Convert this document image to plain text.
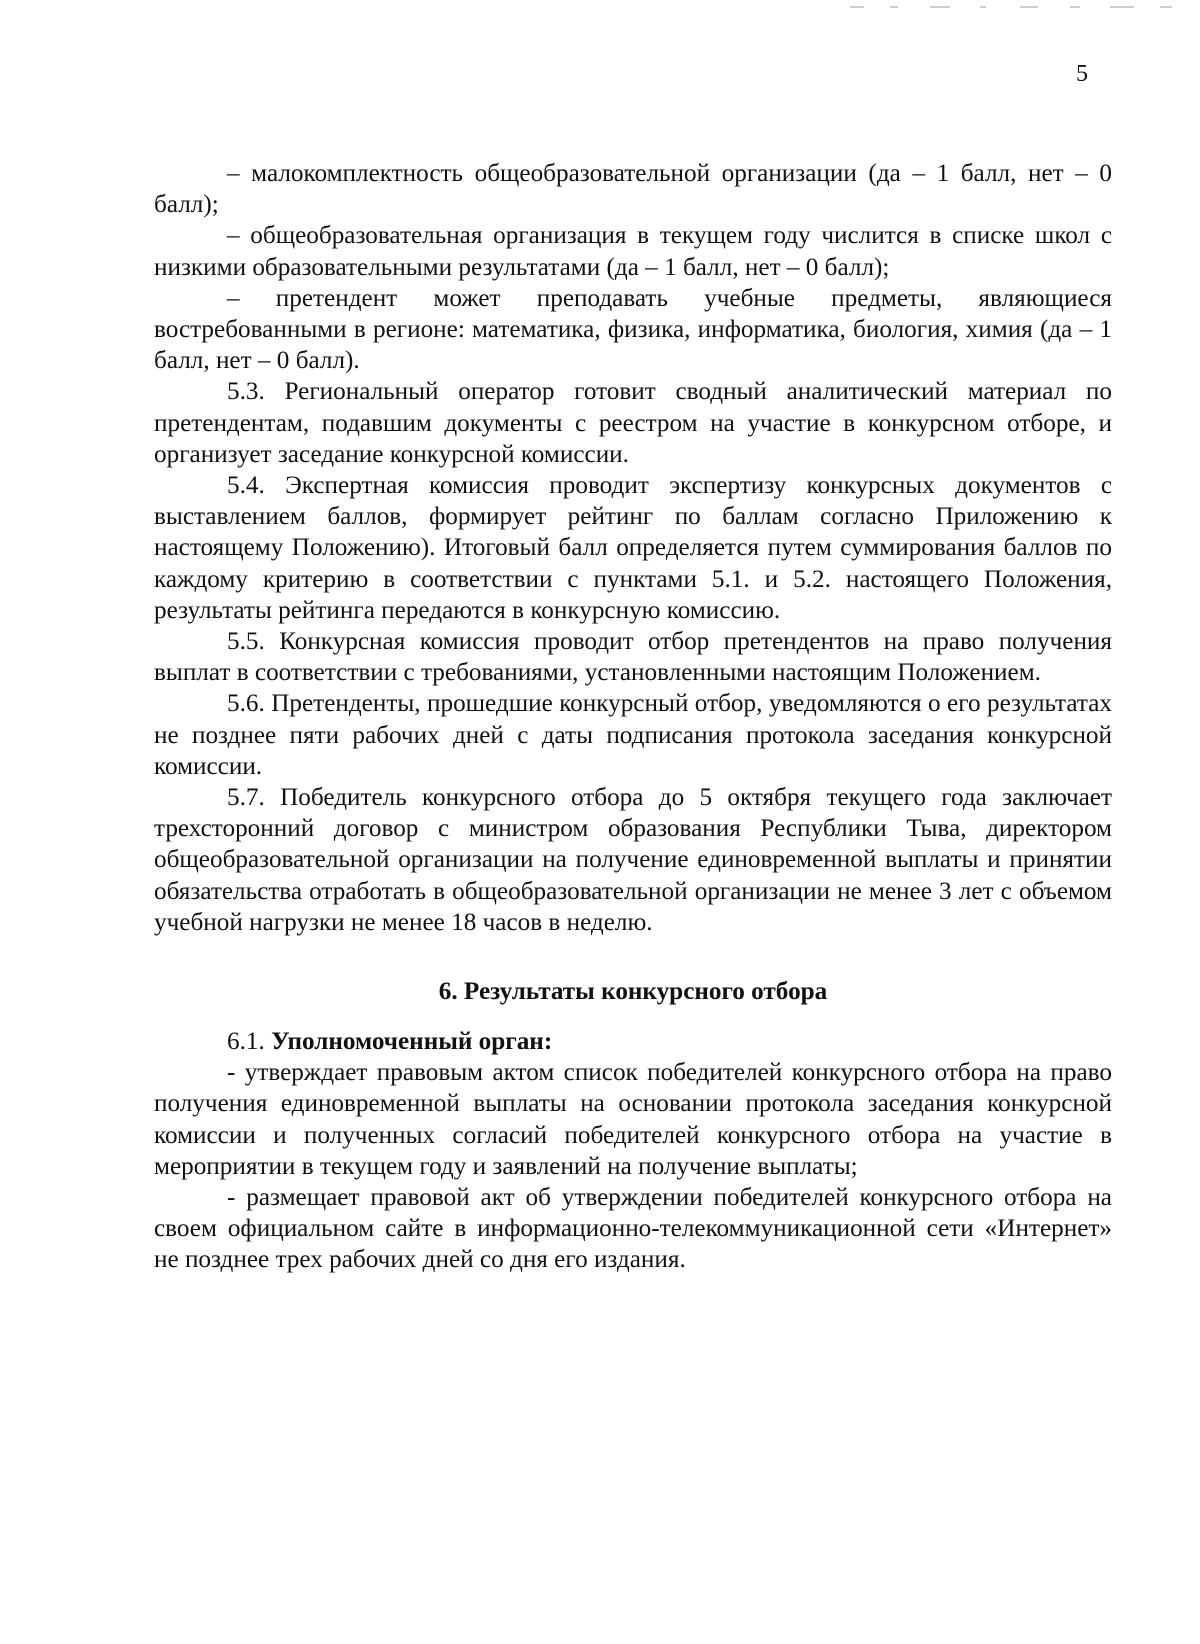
5

– малокомплектность общеобразовательной организации (да – 1 балл, нет – 0 балл);

– общеобразовательная организация в текущем году числится в списке школ с низкими образовательными результатами (да – 1 балл, нет – 0 балл);

– претендент может преподавать учебные предметы, являющиеся востребованными в регионе: математика, физика, информатика, биология, химия (да – 1 балл, нет – 0 балл).

5.3. Региональный оператор готовит сводный аналитический материал по претендентам, подавшим документы с реестром на участие в конкурсном отборе, и организует заседание конкурсной комиссии.

5.4. Экспертная комиссия проводит экспертизу конкурсных документов с выставлением баллов, формирует рейтинг по баллам согласно Приложению к настоящему Положению). Итоговый балл определяется путем суммирования баллов по каждому критерию в соответствии с пунктами 5.1. и 5.2. настоящего Положения, результаты рейтинга передаются в конкурсную комиссию.

5.5. Конкурсная комиссия проводит отбор претендентов на право получения выплат в соответствии с требованиями, установленными настоящим Положением.

5.6. Претенденты, прошедшие конкурсный отбор, уведомляются о его результатах не позднее пяти рабочих дней с даты подписания протокола заседания конкурсной комиссии.

5.7. Победитель конкурсного отбора до 5 октября текущего года заключает трехсторонний договор с министром образования Республики Тыва, директором общеобразовательной организации на получение единовременной выплаты и принятии обязательства отработать в общеобразовательной организации не менее 3 лет с объемом учебной нагрузки не менее 18 часов в неделю.

6. Результаты конкурсного отбора

6.1. Уполномоченный орган:

- утверждает правовым актом список победителей конкурсного отбора на право получения единовременной выплаты на основании протокола заседания конкурсной комиссии и полученных согласий победителей конкурсного отбора на участие в мероприятии в текущем году и заявлений на получение выплаты;

- размещает правовой акт об утверждении победителей конкурсного отбора на своем официальном сайте в информационно-телекоммуникационной сети «Интернет» не позднее трех рабочих дней со дня его издания.
